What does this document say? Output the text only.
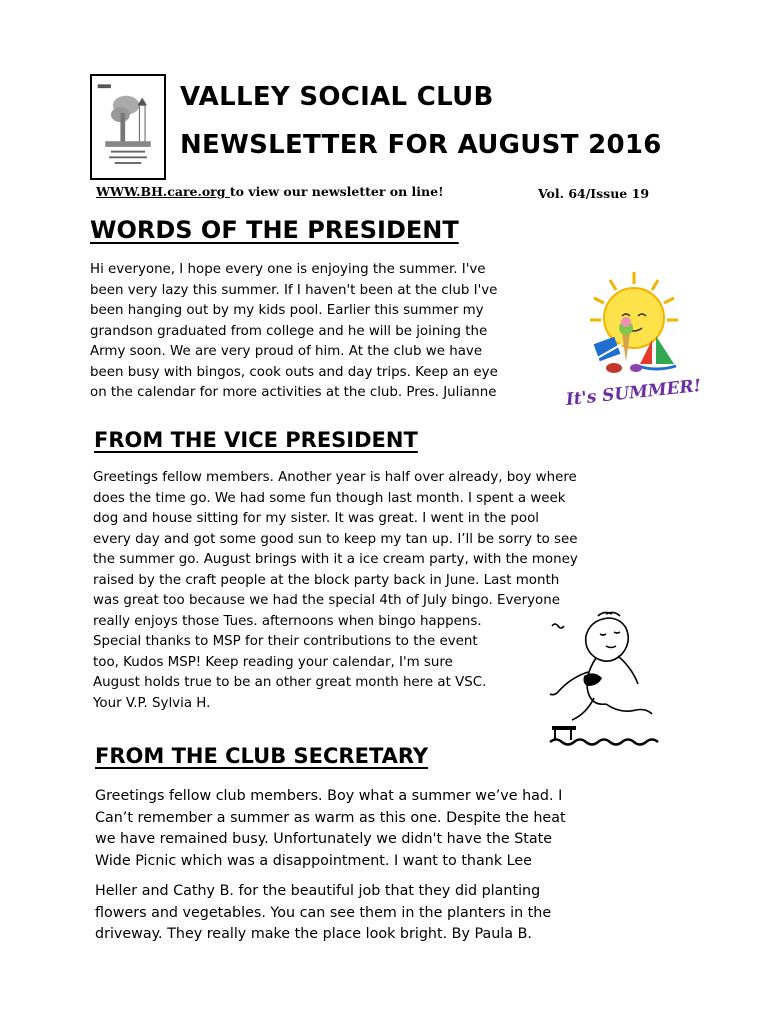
VALLEY SOCIAL CLUB
NEWSLETTER FOR AUGUST 2016
WWW.BH.care.org to view our newsletter on line!	Vol. 64/Issue 19
WORDS OF THE PRESIDENT
Hi everyone, I hope every one is enjoying the summer. I've
been very lazy this summer. If I haven't been at the club I've
been hanging out by my kids pool. Earlier this summer my
grandson graduated from college and he will be joining the
Army soon. We are very proud of him. At the club we have
been busy with bingos, cook outs and day trips. Keep an eye
on the calendar for more activities at the club. Pres. Julianne	It's SUMMER!
FROM THE VICE PRESIDENT
Greetings fellow members. Another year is half over already, boy where
does the time go. We had some fun though last month. I spent a week
dog and house sitting for my sister. It was great. I went in the pool
every day and got some good sun to keep my tan up. I’ll be sorry to see
the summer go. August brings with it a ice cream party, with the money
raised by the craft people at the block party back in June. Last month
was great too because we had the special 4th of July bingo. Everyone
really enjoys those Tues. afternoons when bingo happens.
Special thanks to MSP for their contributions to the event
too, Kudos MSP! Keep reading your calendar, I'm sure
August holds true to be an other great month here at VSC.
Your V.P. Sylvia H.
FROM THE CLUB SECRETARY
Greetings fellow club members. Boy what a summer we’ve had. I
Can’t remember a summer as warm as this one. Despite the heat
we have remained busy. Unfortunately we didn't have the State
Wide Picnic which was a disappointment. I want to thank Lee
Heller and Cathy B. for the beautiful job that they did planting
flowers and vegetables. You can see them in the planters in the
driveway. They really make the place look bright. By Paula B.
